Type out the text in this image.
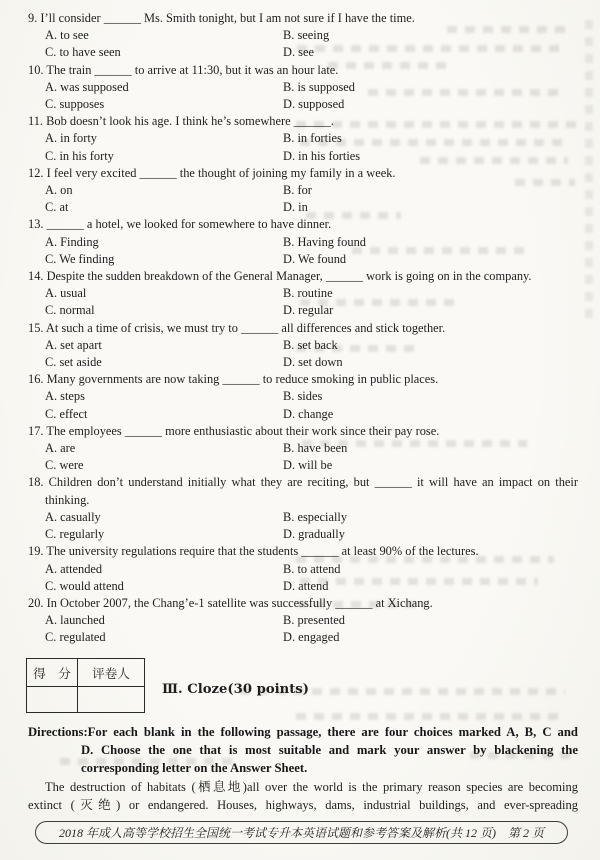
9. I’ll consider ______ Ms. Smith tonight, but I am not sure if I have the time.
A. to see	B. seeing
C. to have seen	D. see
10. The train ______ to arrive at 11:30, but it was an hour late.
A. was supposed	B. is supposed
C. supposes	D. supposed
11. Bob doesn’t look his age. I think he’s somewhere ______.
A. in forty	B. in forties
C. in his forty	D. in his forties
12. I feel very excited ______ the thought of joining my family in a week.
A. on	B. for
C. at	D. in
13. ______ a hotel, we looked for somewhere to have dinner.
A. Finding	B. Having found
C. We finding	D. We found
14. Despite the sudden breakdown of the General Manager, ______ work is going on in the company.
A. usual	B. routine
C. normal	D. regular
15. At such a time of crisis, we must try to ______ all differences and stick together.
A. set apart	B. set back
C. set aside	D. set down
16. Many governments are now taking ______ to reduce smoking in public places.
A. steps	B. sides
C. effect	D. change
17. The employees ______ more enthusiastic about their work since their pay rose.
A. are	B. have been
C. were	D. will be
18. Children don’t understand initially what they are reciting, but ______ it will have an impact on their thinking.
A. casually	B. especially
C. regularly	D. gradually
19. The university regulations require that the students ______ at least 90% of the lectures.
A. attended	B. to attend
C. would attend	D. attend
20. In October 2007, the Chang’e-1 satellite was successfully ______ at Xichang.
A. launched	B. presented
C. regulated	D. engaged
得　分	评卷人

Ⅲ. Cloze(30 points)
Directions:For each blank in the following passage, there are four choices marked A, B, C and
D. Choose the one that is most suitable and mark your answer by blackening the
corresponding letter on the Answer Sheet.
The destruction of habitats (栖息地)all over the world is the primary reason species are becoming
extinct (灭绝) or endangered. Houses, highways, dams, industrial buildings, and ever-spreading
2018 年成人高等学校招生全国统一考试专升本英语试题和参考答案及解析(共 12 页)　第 2 页
